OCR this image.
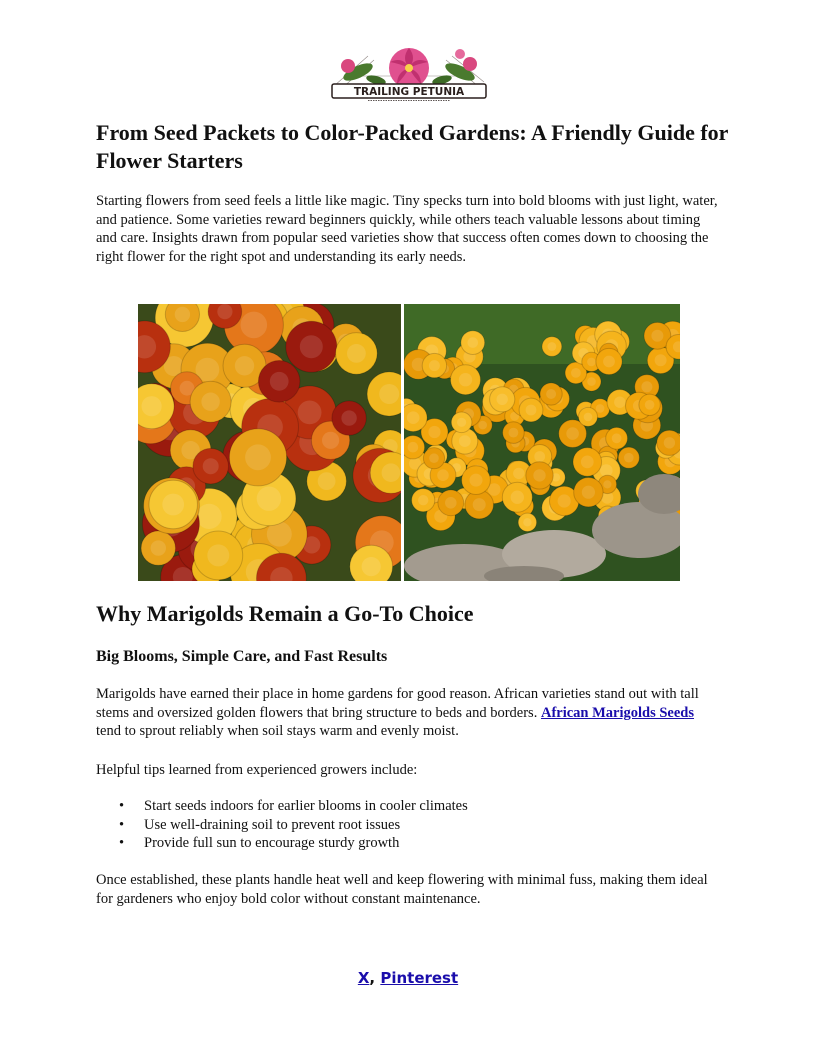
TRAILING PETUNIA
From Seed Packets to Color-Packed Gardens: A Friendly Guide for Flower Starters

Starting flowers from seed feels a little like magic. Tiny specks turn into bold blooms with just light, water, and patience. Some varieties reward beginners quickly, while others teach valuable lessons about timing and care. Insights drawn from popular seed varieties show that success often comes down to choosing the right flower for the right spot and understanding its early needs.

Why Marigolds Remain a Go-To Choice
Big Blooms, Simple Care, and Fast Results

Marigolds have earned their place in home gardens for good reason. African varieties stand out with tall stems and oversized golden flowers that bring structure to beds and borders. African Marigolds Seeds tend to sprout reliably when soil stays warm and evenly moist.

Helpful tips learned from experienced growers include:

• Start seeds indoors for earlier blooms in cooler climates
• Use well-draining soil to prevent root issues
• Provide full sun to encourage sturdy growth

Once established, these plants handle heat well and keep flowering with minimal fuss, making them ideal for gardeners who enjoy bold color without constant maintenance.

X, Pinterest
